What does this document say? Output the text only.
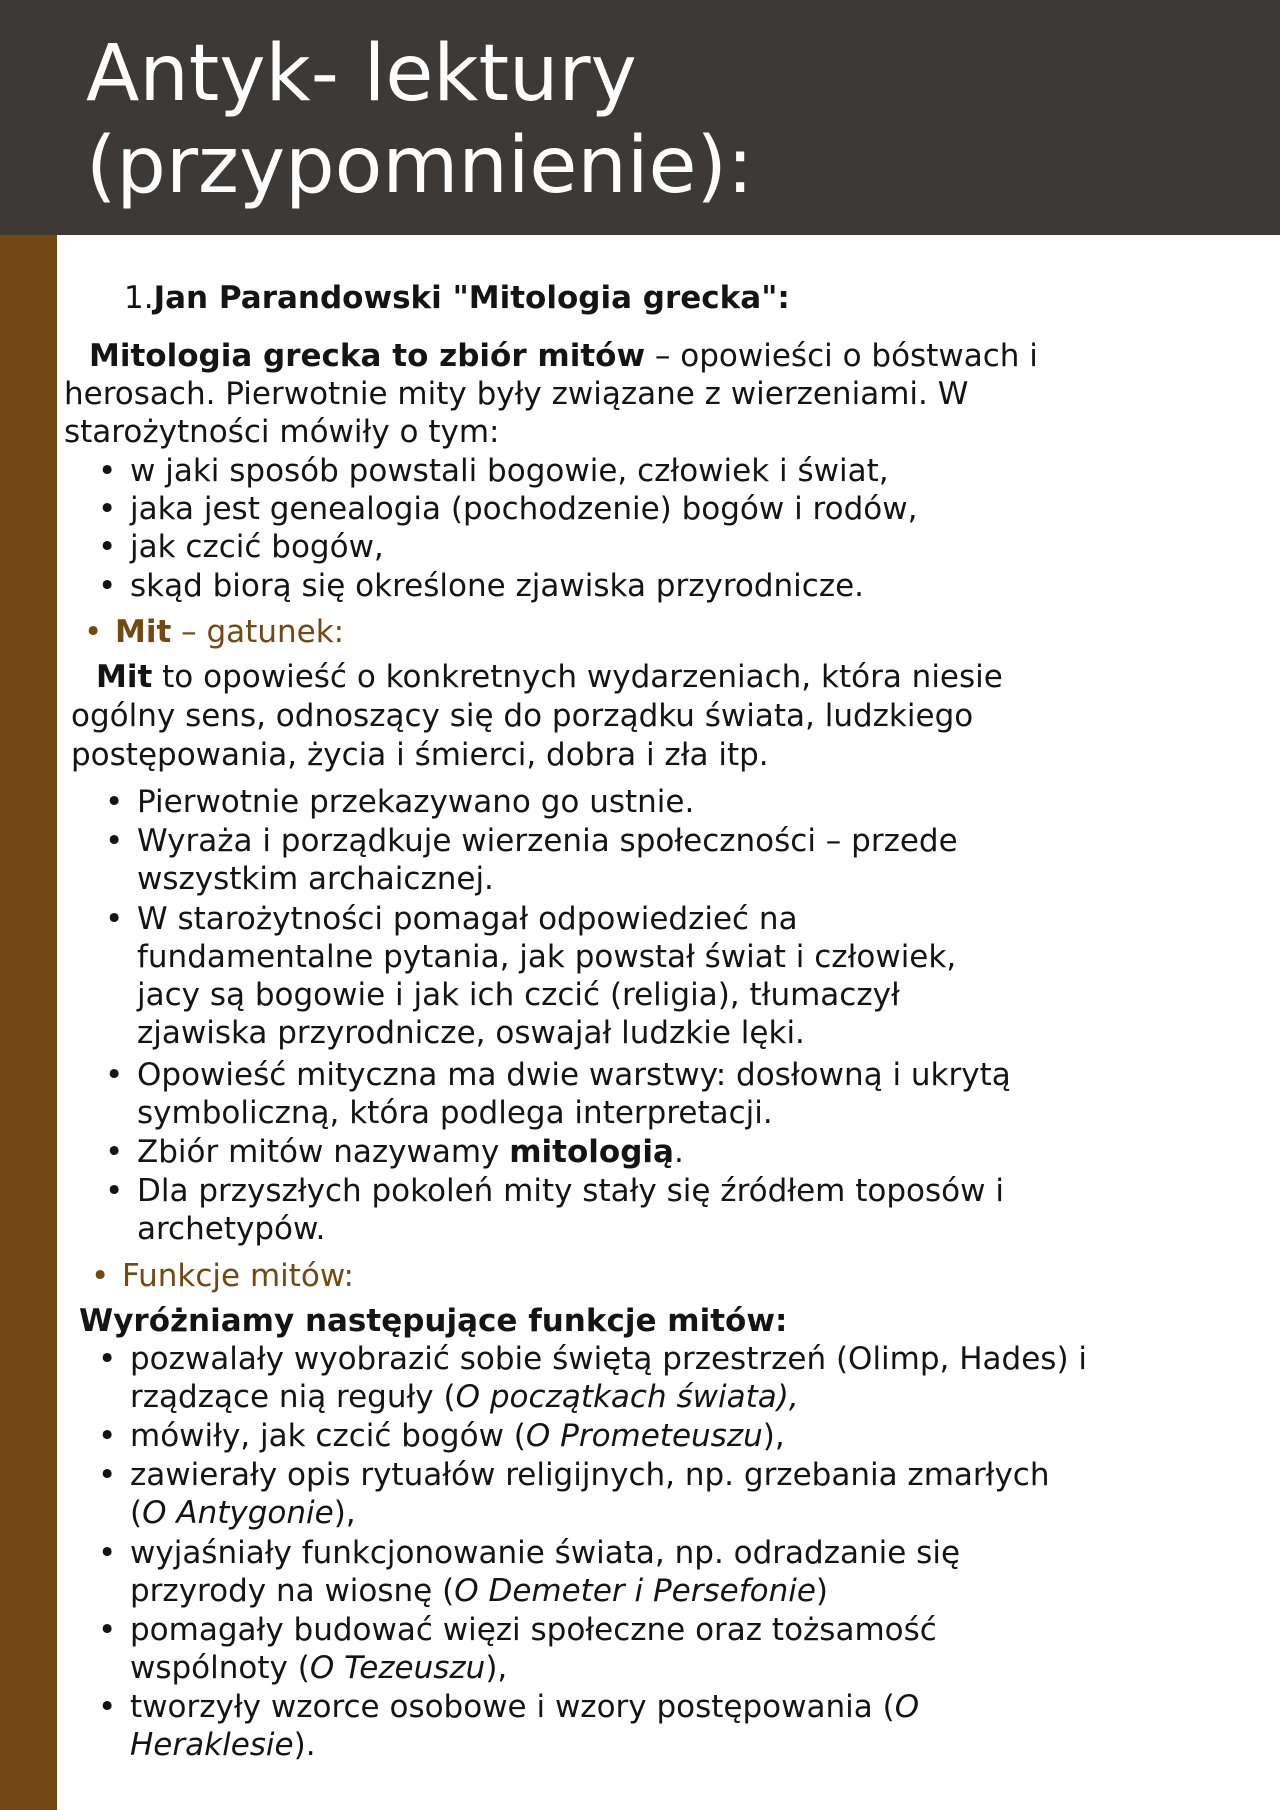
Antyk- lektury
(przypomnienie):
1.Jan Parandowski "Mitologia grecka":
Mitologia grecka to zbiór mitów – opowieści o bóstwach i
herosach. Pierwotnie mity były związane z wierzeniami. W
starożytności mówiły o tym:
• w jaki sposób powstali bogowie, człowiek i świat,
• jaka jest genealogia (pochodzenie) bogów i rodów,
• jak czcić bogów,
• skąd biorą się określone zjawiska przyrodnicze.
• Mit – gatunek:
Mit to opowieść o konkretnych wydarzeniach, która niesie
ogólny sens, odnoszący się do porządku świata, ludzkiego
postępowania, życia i śmierci, dobra i zła itp.
• Pierwotnie przekazywano go ustnie.
• Wyraża i porządkuje wierzenia społeczności – przede
wszystkim archaicznej.
• W starożytności pomagał odpowiedzieć na
fundamentalne pytania, jak powstał świat i człowiek,
jacy są bogowie i jak ich czcić (religia), tłumaczył
zjawiska przyrodnicze, oswajał ludzkie lęki.
• Opowieść mityczna ma dwie warstwy: dosłowną i ukrytą
symboliczną, która podlega interpretacji.
• Zbiór mitów nazywamy mitologią.
• Dla przyszłych pokoleń mity stały się źródłem toposów i
archetypów.
• Funkcje mitów:
Wyróżniamy następujące funkcje mitów:
• pozwalały wyobrazić sobie świętą przestrzeń (Olimp, Hades) i
rządzące nią reguły (O początkach świata),
• mówiły, jak czcić bogów (O Prometeuszu),
• zawierały opis rytuałów religijnych, np. grzebania zmarłych
(O Antygonie),
• wyjaśniały funkcjonowanie świata, np. odradzanie się
przyrody na wiosnę (O Demeter i Persefonie)
• pomagały budować więzi społeczne oraz tożsamość
wspólnoty (O Tezeuszu),
• tworzyły wzorce osobowe i wzory postępowania (O
Heraklesie).
